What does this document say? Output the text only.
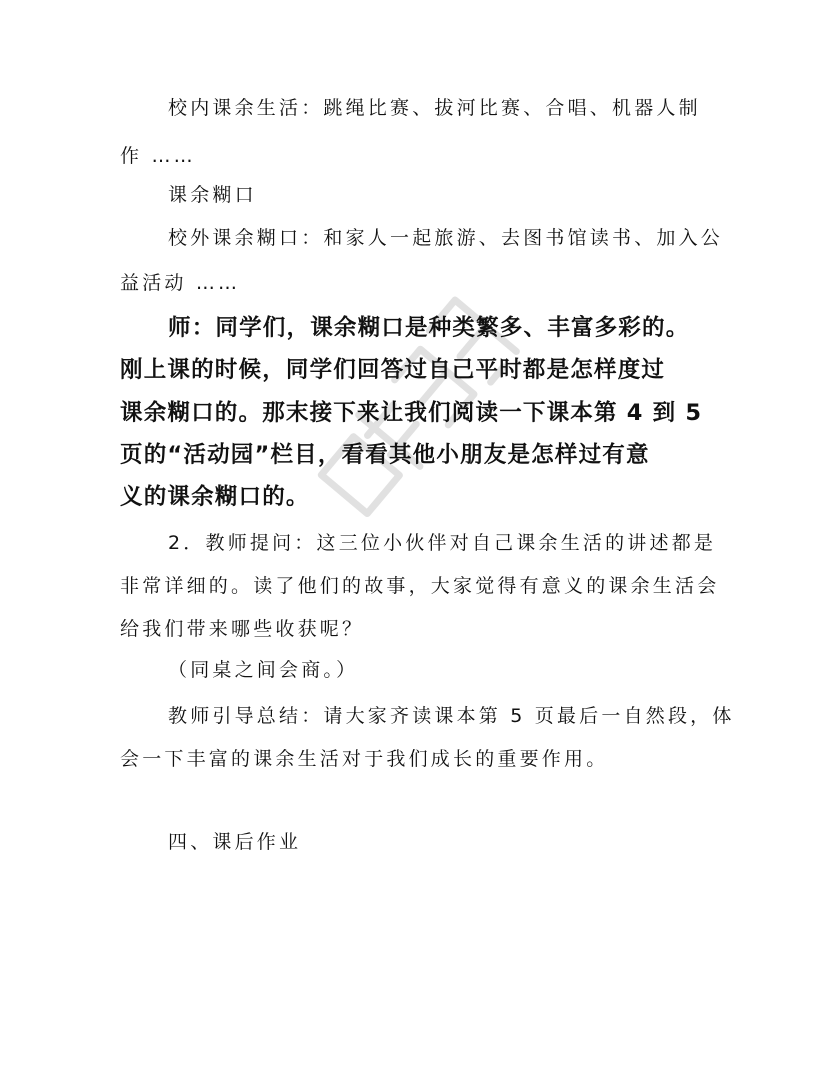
校内课余生活：跳绳比赛、拔河比赛、合唱、机器人制
作 ……
课余糊口
校外课余糊口：和家人一起旅游、去图书馆读书、加入公
益活动 ……
师：同学们，课余糊口是种类繁多、丰富多彩的。
刚上课的时候，同学们回答过自己平时都是怎样度过
课余糊口的。那末接下来让我们阅读一下课本第 4 到 5
页的“活动园”栏目，看看其他小朋友是怎样过有意
义的课余糊口的。
2．教师提问：这三位小伙伴对自己课余生活的讲述都是
非常详细的。读了他们的故事，大家觉得有意义的课余生活会
给我们带来哪些收获呢？
（同桌之间会商。）
教师引导总结：请大家齐读课本第 5 页最后一自然段，体
会一下丰富的课余生活对于我们成长的重要作用。
四、课后作业
